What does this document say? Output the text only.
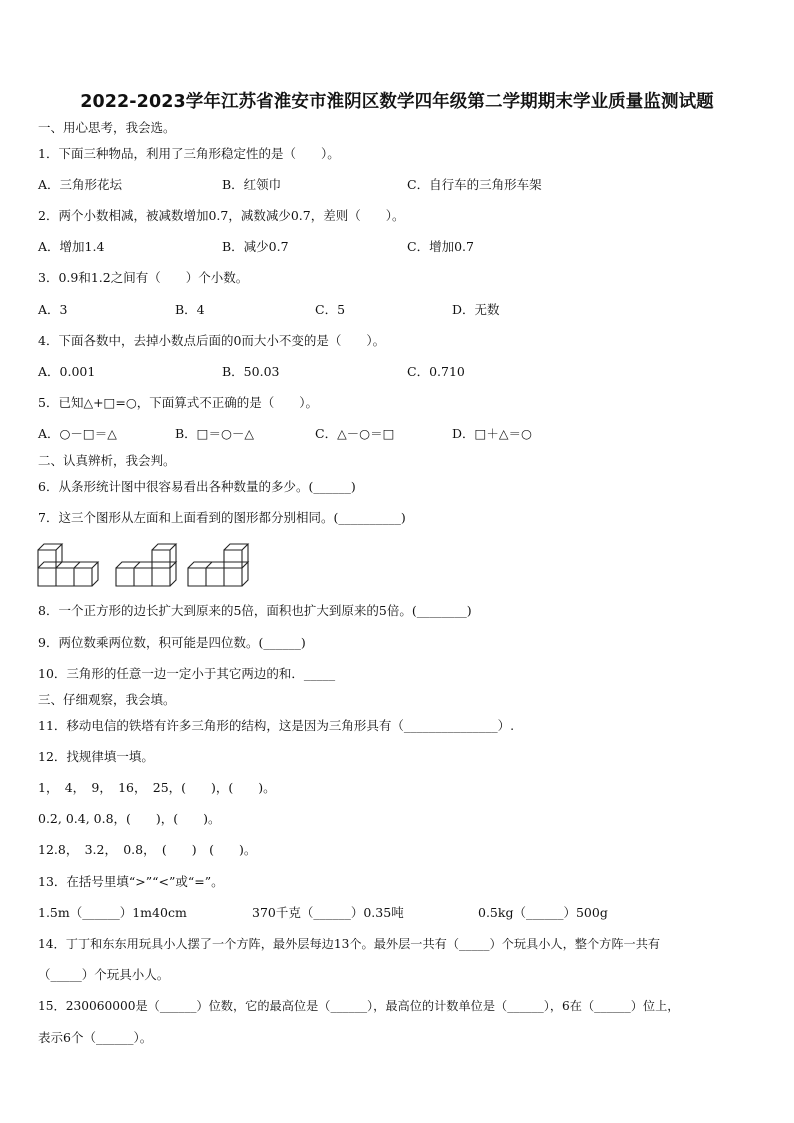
2022-2023学年江苏省淮安市淮阴区数学四年级第二学期期末学业质量监测试题
一、用心思考，我会选。
1．下面三种物品，利用了三角形稳定性的是（　　）。
A．三角形花坛	B．红领巾	C．自行车的三角形车架
2．两个小数相减，被减数增加0.7，减数减少0.7，差则（　　）。
A．增加1.4	B．减少0.7	C．增加0.7
3．0.9和1.2之间有（　　）个小数。
A．3	B．4	C．5	D．无数
4．下面各数中，去掉小数点后面的0而大小不变的是（　　）。
A．0.001	B．50.03	C．0.710
5．已知△+□=○，下面算式不正确的是（　　）。
A．○－□＝△	B．□＝○－△	C．△－○＝□	D．□＋△＝○
二、认真辨析，我会判。
6．从条形统计图中很容易看出各种数量的多少。(______)
7．这三个图形从左面和上面看到的图形都分别相同。(__________)
8．一个正方形的边长扩大到原来的5倍，面积也扩大到原来的5倍。(________)
9．两位数乘两位数，积可能是四位数。(______)
10．三角形的任意一边一定小于其它两边的和．_____
三、仔细观察，我会填。
11．移动电信的铁塔有许多三角形的结构，这是因为三角形具有（_______________）.
12．找规律填一填。
1，　4，　9，　16，　25，(　　)，(　　)。
0.2, 0.4, 0.8，(　　)，(　　)。
12.8，　3.2，　0.8，　(　　)　(　　)。
13．在括号里填“>”“<”或“=”。
1.5m（______）1m40cm	370千克（______）0.35吨	0.5kg（______）500g
14．丁丁和东东用玩具小人摆了一个方阵，最外层每边13个。最外层一共有（_____）个玩具小人，整个方阵一共有
（_____）个玩具小人。
15．230060000是（______）位数，它的最高位是（______），最高位的计数单位是（______），6在（______）位上，
表示6个（______）。
